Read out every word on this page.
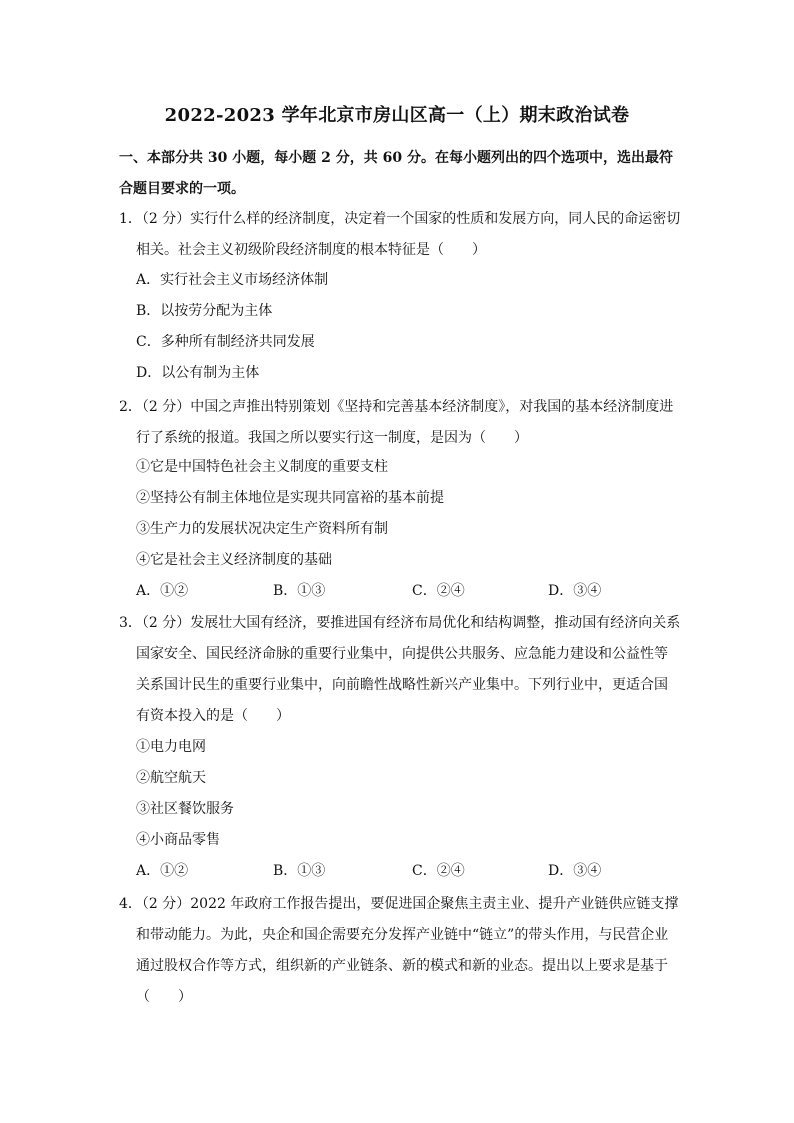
2022-2023 学年北京市房山区高一（上）期末政治试卷
一、本部分共 30 小题，每小题 2 分，共 60 分。在每小题列出的四个选项中，选出最符合题目要求的一项。
1．（2 分）实行什么样的经济制度，决定着一个国家的性质和发展方向，同人民的命运密切相关。社会主义初级阶段经济制度的根本特征是（　　）
A．实行社会主义市场经济体制
B．以按劳分配为主体
C．多种所有制经济共同发展
D．以公有制为主体
2．（2 分）中国之声推出特别策划《坚持和完善基本经济制度》，对我国的基本经济制度进行了系统的报道。我国之所以要实行这一制度，是因为（　　）
①它是中国特色社会主义制度的重要支柱
②坚持公有制主体地位是实现共同富裕的基本前提
③生产力的发展状况决定生产资料所有制
④它是社会主义经济制度的基础
A．①②	B．①③	C．②④	D．③④
3．（2 分）发展壮大国有经济，要推进国有经济布局优化和结构调整，推动国有经济向关系国家安全、国民经济命脉的重要行业集中，向提供公共服务、应急能力建设和公益性等关系国计民生的重要行业集中，向前瞻性战略性新兴产业集中。下列行业中，更适合国有资本投入的是（　　）
①电力电网
②航空航天
③社区餐饮服务
④小商品零售
A．①②	B．①③	C．②④	D．③④
4．（2 分）2022 年政府工作报告提出，要促进国企聚焦主责主业、提升产业链供应链支撑和带动能力。为此，央企和国企需要充分发挥产业链中“链立”的带头作用，与民营企业通过股权合作等方式，组织新的产业链条、新的模式和新的业态。提出以上要求是基于（　　）
